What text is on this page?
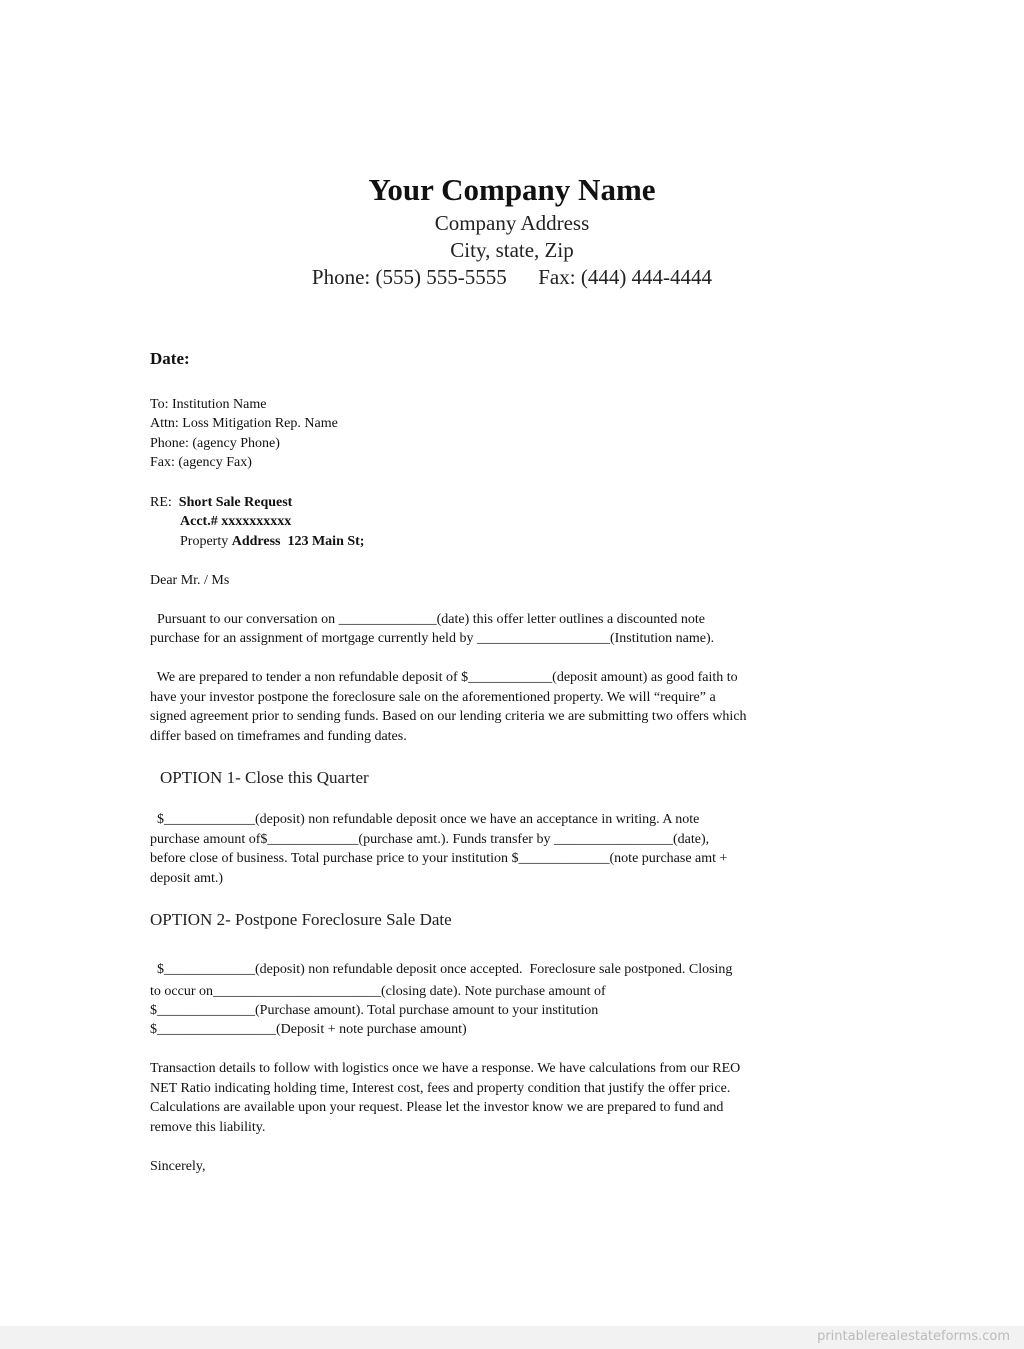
Your Company Name
Company Address
City, state, Zip
Phone: (555) 555-5555      Fax: (444) 444-4444
Date:
To: Institution Name
Attn: Loss Mitigation Rep. Name
Phone: (agency Phone)
Fax: (agency Fax)
RE: Short Sale Request
Acct.# xxxxxxxxxx
Property Address  123 Main St;
Dear Mr. / Ms
Pursuant to our conversation on ______________(date) this offer letter outlines a discounted note
purchase for an assignment of mortgage currently held by ___________________(Institution name).
We are prepared to tender a non refundable deposit of $____________(deposit amount) as good faith to
have your investor postpone the foreclosure sale on the aforementioned property. We will “require” a
signed agreement prior to sending funds. Based on our lending criteria we are submitting two offers which
differ based on timeframes and funding dates.
OPTION 1- Close this Quarter
$_____________(deposit) non refundable deposit once we have an acceptance in writing. A note
purchase amount of$_____________(purchase amt.). Funds transfer by _________________(date),
before close of business. Total purchase price to your institution $_____________(note purchase amt +
deposit amt.)
OPTION 2- Postpone Foreclosure Sale Date
$_____________(deposit) non refundable deposit once accepted.  Foreclosure sale postponed. Closing
to occur on________________________(closing date). Note purchase amount of
$______________(Purchase amount). Total purchase amount to your institution
$_________________(Deposit + note purchase amount)
Transaction details to follow with logistics once we have a response. We have calculations from our REO
NET Ratio indicating holding time, Interest cost, fees and property condition that justify the offer price.
Calculations are available upon your request. Please let the investor know we are prepared to fund and
remove this liability.
Sincerely,
printablerealestateforms.com
